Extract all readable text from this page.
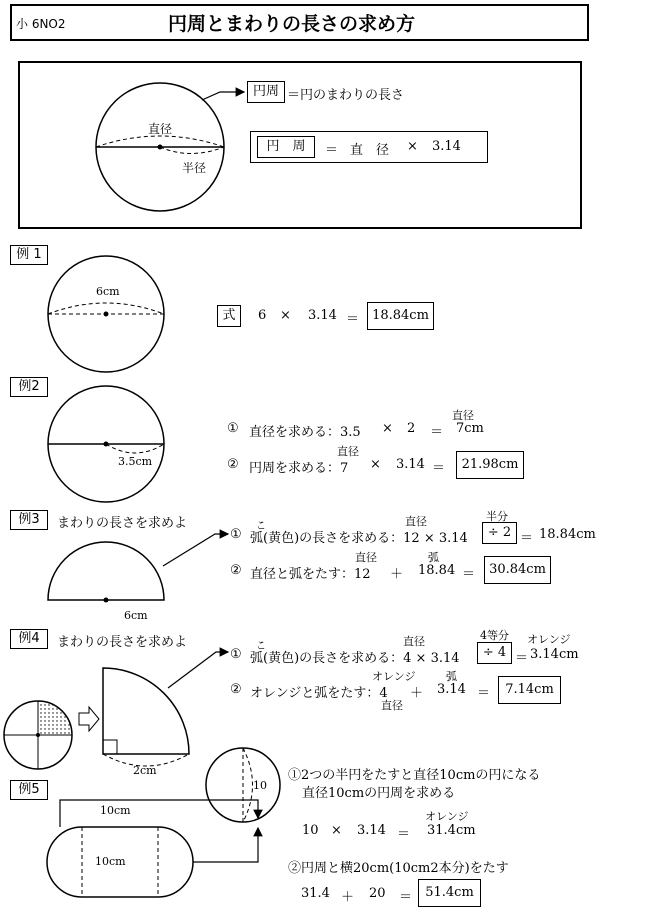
小 6NO2	円周とまわりの長さの求め方
円周 ＝円のまわりの長さ
直径
半径
円　周	＝ 直　径 × 3.14
例 1
6cm
式	6 × 3.14 ＝	18.84cm
例2
3.5cm
① 直径を求める：3.5 × 2 ＝
直径
7cm
② 円周を求める：7
直径
× 3.14 ＝	21.98cm
例3	まわりの長さを求めよ
6cm
①
こ
弧(黄色)の長さを求める：12 × 3.14
直径	半分
÷ 2 ＝ 18.84cm
② 直径と弧をたす：12
直径
＋
弧
18.84 ＝	30.84cm
例4	まわりの長さを求めよ
2cm
①
こ
弧(黄色)の長さを求める：4 × 3.14
直径	4等分
÷ 4 ＝
オレンジ
3.14cm
② オレンジと弧をたす：4
オレンジ
直径
＋
弧
3.14 ＝	7.14cm
例5
10cm
10cm
10
①2つの半円をたすと直径10cmの円になる
直径10cmの円周を求める
10 × 3.14 ＝
オレンジ
31.4cm
②円周と横20cm(10cm2本分)をたす
31.4 ＋ 20 ＝	51.4cm
